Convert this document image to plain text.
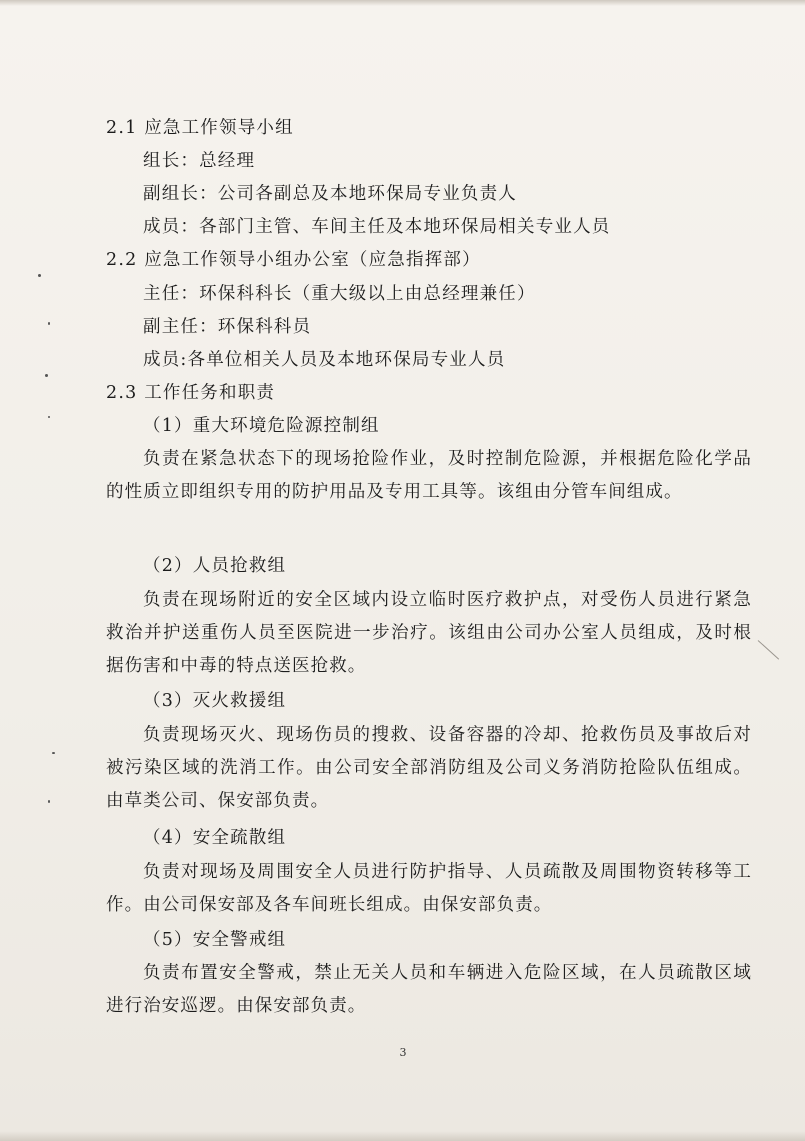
2.1 应急工作领导小组
组长：总经理
副组长：公司各副总及本地环保局专业负责人
成员：各部门主管、车间主任及本地环保局相关专业人员
2.2 应急工作领导小组办公室（应急指挥部）
主任：环保科科长（重大级以上由总经理兼任）
副主任：环保科科员
成员:各单位相关人员及本地环保局专业人员
2.3 工作任务和职责
（1）重大环境危险源控制组

负责在紧急状态下的现场抢险作业，及时控制危险源，并根据危险化学品的性质立即组织专用的防护用品及专用工具等。该组由分管车间组成。

（2）人员抢救组

负责在现场附近的安全区域内设立临时医疗救护点，对受伤人员进行紧急救治并护送重伤人员至医院进一步治疗。该组由公司办公室人员组成，及时根据伤害和中毒的特点送医抢救。

（3）灭火救援组

负责现场灭火、现场伤员的搜救、设备容器的冷却、抢救伤员及事故后对被污染区域的洗消工作。由公司安全部消防组及公司义务消防抢险队伍组成。由草类公司、保安部负责。

（4）安全疏散组

负责对现场及周围安全人员进行防护指导、人员疏散及周围物资转移等工作。由公司保安部及各车间班长组成。由保安部负责。

（5）安全警戒组

负责布置安全警戒，禁止无关人员和车辆进入危险区域，在人员疏散区域进行治安巡逻。由保安部负责。

3
